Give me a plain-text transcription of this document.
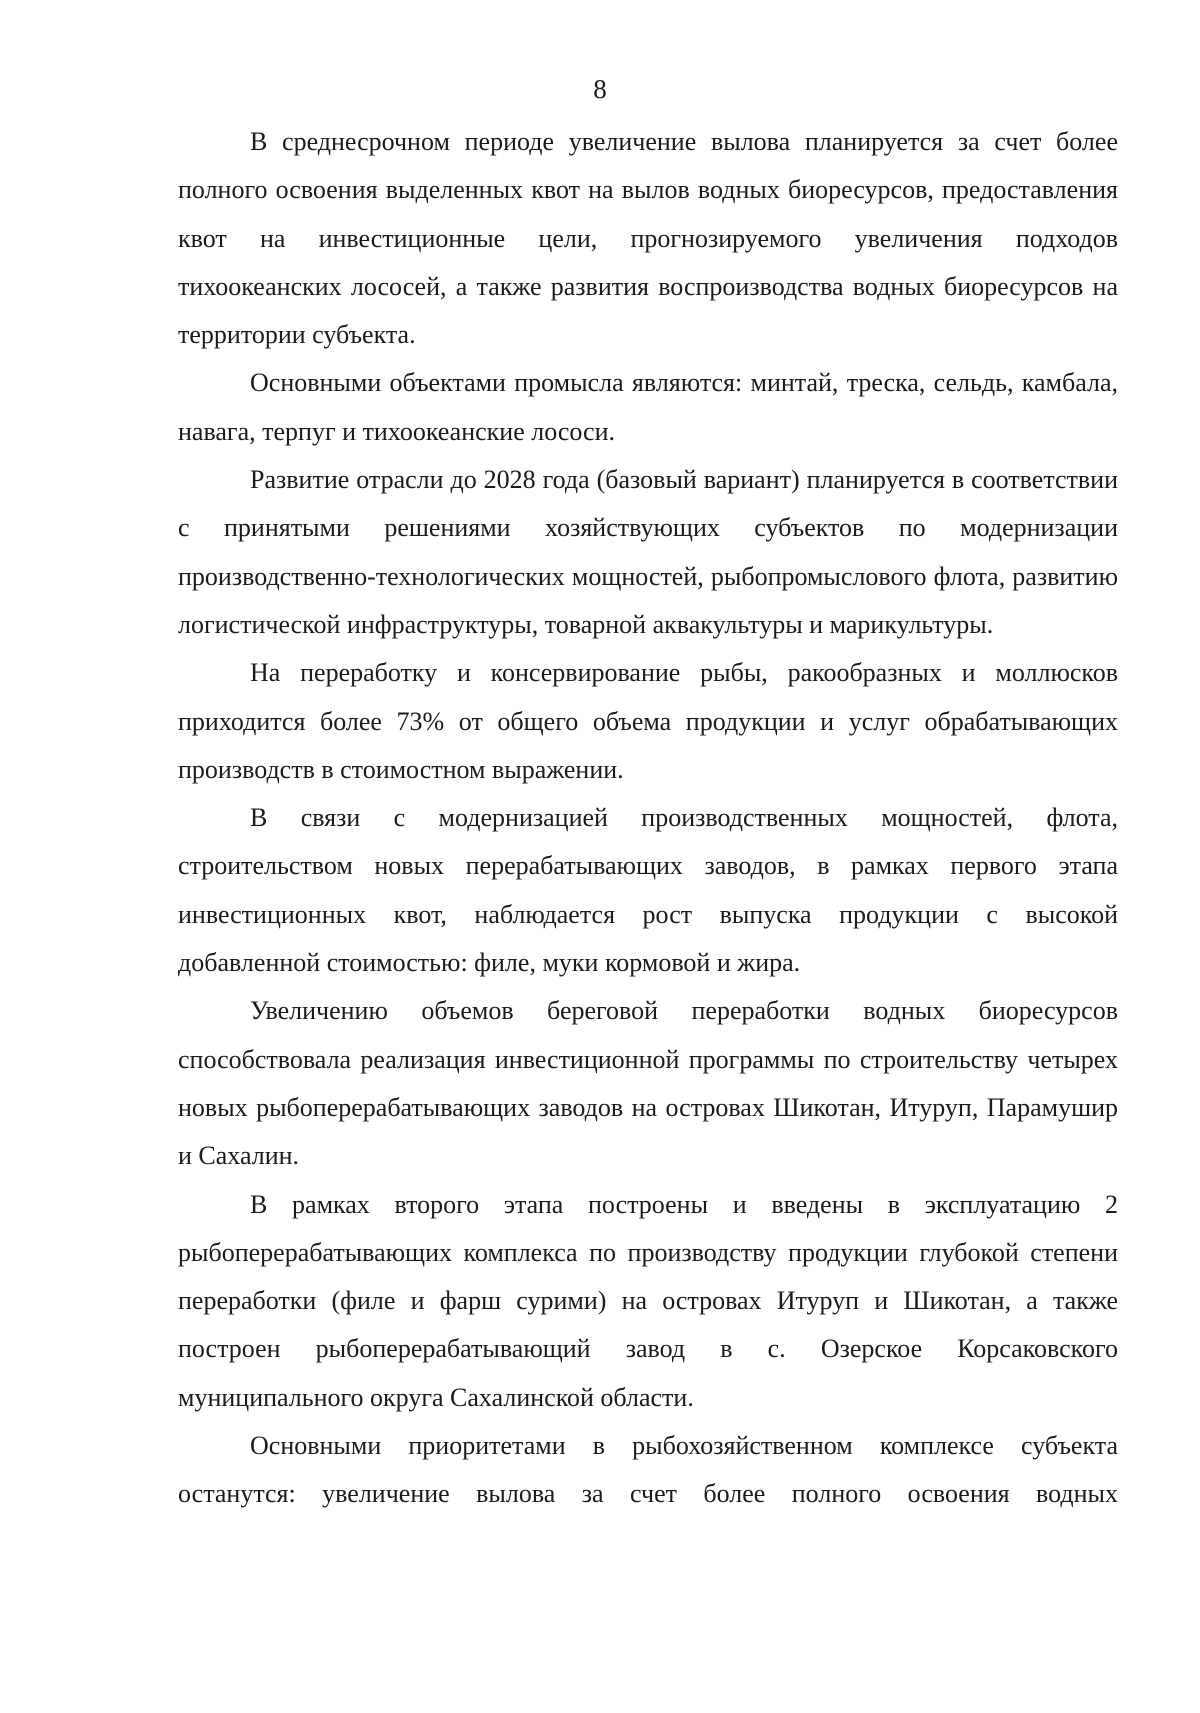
8

В среднесрочном периоде увеличение вылова планируется за счет более полного освоения выделенных квот на вылов водных биоресурсов, предоставления квот на инвестиционные цели, прогнозируемого увеличения подходов тихоокеанских лососей, а также развития воспроизводства водных биоресурсов на территории субъекта.

Основными объектами промысла являются: минтай, треска, сельдь, камбала, навага, терпуг и тихоокеанские лососи.

Развитие отрасли до 2028 года (базовый вариант) планируется в соответствии с принятыми решениями хозяйствующих субъектов по модернизации производственно-технологических мощностей, рыбопромыслового флота, развитию логистической инфраструктуры, товарной аквакультуры и марикультуры.

На переработку и консервирование рыбы, ракообразных и моллюсков приходится более 73% от общего объема продукции и услуг обрабатывающих производств в стоимостном выражении.

В связи с модернизацией производственных мощностей, флота, строительством новых перерабатывающих заводов, в рамках первого этапа инвестиционных квот, наблюдается рост выпуска продукции с высокой добавленной стоимостью: филе, муки кормовой и жира.

Увеличению объемов береговой переработки водных биоресурсов способствовала реализация инвестиционной программы по строительству четырех новых рыбоперерабатывающих заводов на островах Шикотан, Итуруп, Парамушир и Сахалин.

В рамках второго этапа построены и введены в эксплуатацию 2 рыбоперерабатывающих комплекса по производству продукции глубокой степени переработки (филе и фарш сурими) на островах Итуруп и Шикотан, а также построен рыбоперерабатывающий завод в с. Озерское Корсаковского муниципального округа Сахалинской области.

Основными приоритетами в рыбохозяйственном комплексе субъекта останутся: увеличение вылова за счет более полного освоения водных
